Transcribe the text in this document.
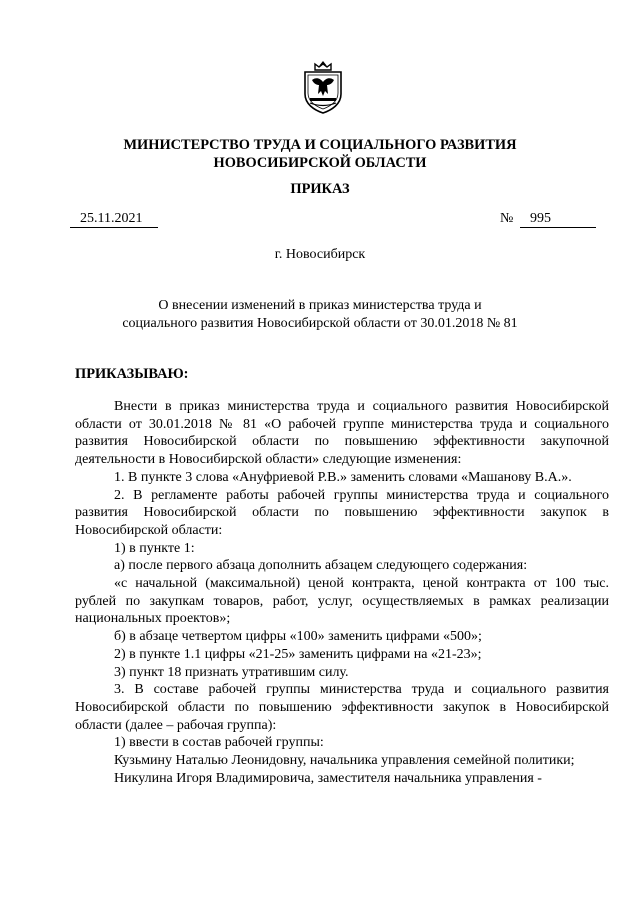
МИНИСТЕРСТВО ТРУДА И СОЦИАЛЬНОГО РАЗВИТИЯ
НОВОСИБИРСКОЙ ОБЛАСТИ
ПРИКАЗ
25.11.2021	№	995
г. Новосибирск
О внесении изменений в приказ министерства труда и
социального развития Новосибирской области от 30.01.2018 № 81
ПРИКАЗЫВАЮ:

Внести в приказ министерства труда и социального развития Новосибирской области от 30.01.2018 № 81 «О рабочей группе министерства труда и социального развития Новосибирской области по повышению эффективности закупочной деятельности в Новосибирской области» следующие изменения:

1. В пункте 3 слова «Ануфриевой Р.В.» заменить словами «Машанову В.А.».

2. В регламенте работы рабочей группы министерства труда и социального развития Новосибирской области по повышению эффективности закупок в Новосибирской области:

1) в пункте 1:

а) после первого абзаца дополнить абзацем следующего содержания:

«с начальной (максимальной) ценой контракта, ценой контракта от 100 тыс. рублей по закупкам товаров, работ, услуг, осуществляемых в рамках реализации национальных проектов»;

б) в абзаце четвертом цифры «100» заменить цифрами «500»;

2) в пункте 1.1 цифры «21-25» заменить цифрами на «21-23»;

3) пункт 18 признать утратившим силу.

3. В составе рабочей группы министерства труда и социального развития Новосибирской области по повышению эффективности закупок в Новосибирской области (далее – рабочая группа):

1) ввести в состав рабочей группы:

Кузьмину Наталью Леонидовну, начальника управления семейной политики;

Никулина Игоря Владимировича, заместителя начальника управления -
